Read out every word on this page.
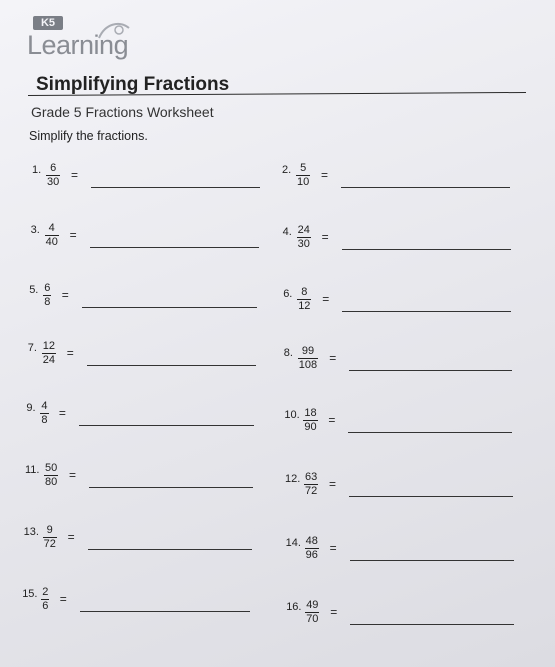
K5
Learning
Simplifying Fractions
Grade 5 Fractions Worksheet
Simplify the fractions.
1. 6
30 =	2. 5
10 =
3. 4
40 =	4. 24
30 =
5. 6
8 =	6. 8
12 =
7. 12
24 =	8. 99
108 =
9. 4
8 =	10. 18
90 =
11. 50
80 =	12. 63
72 =
13. 9
72 =	14. 48
96 =
15. 2
6 =
16. 49
70 =
